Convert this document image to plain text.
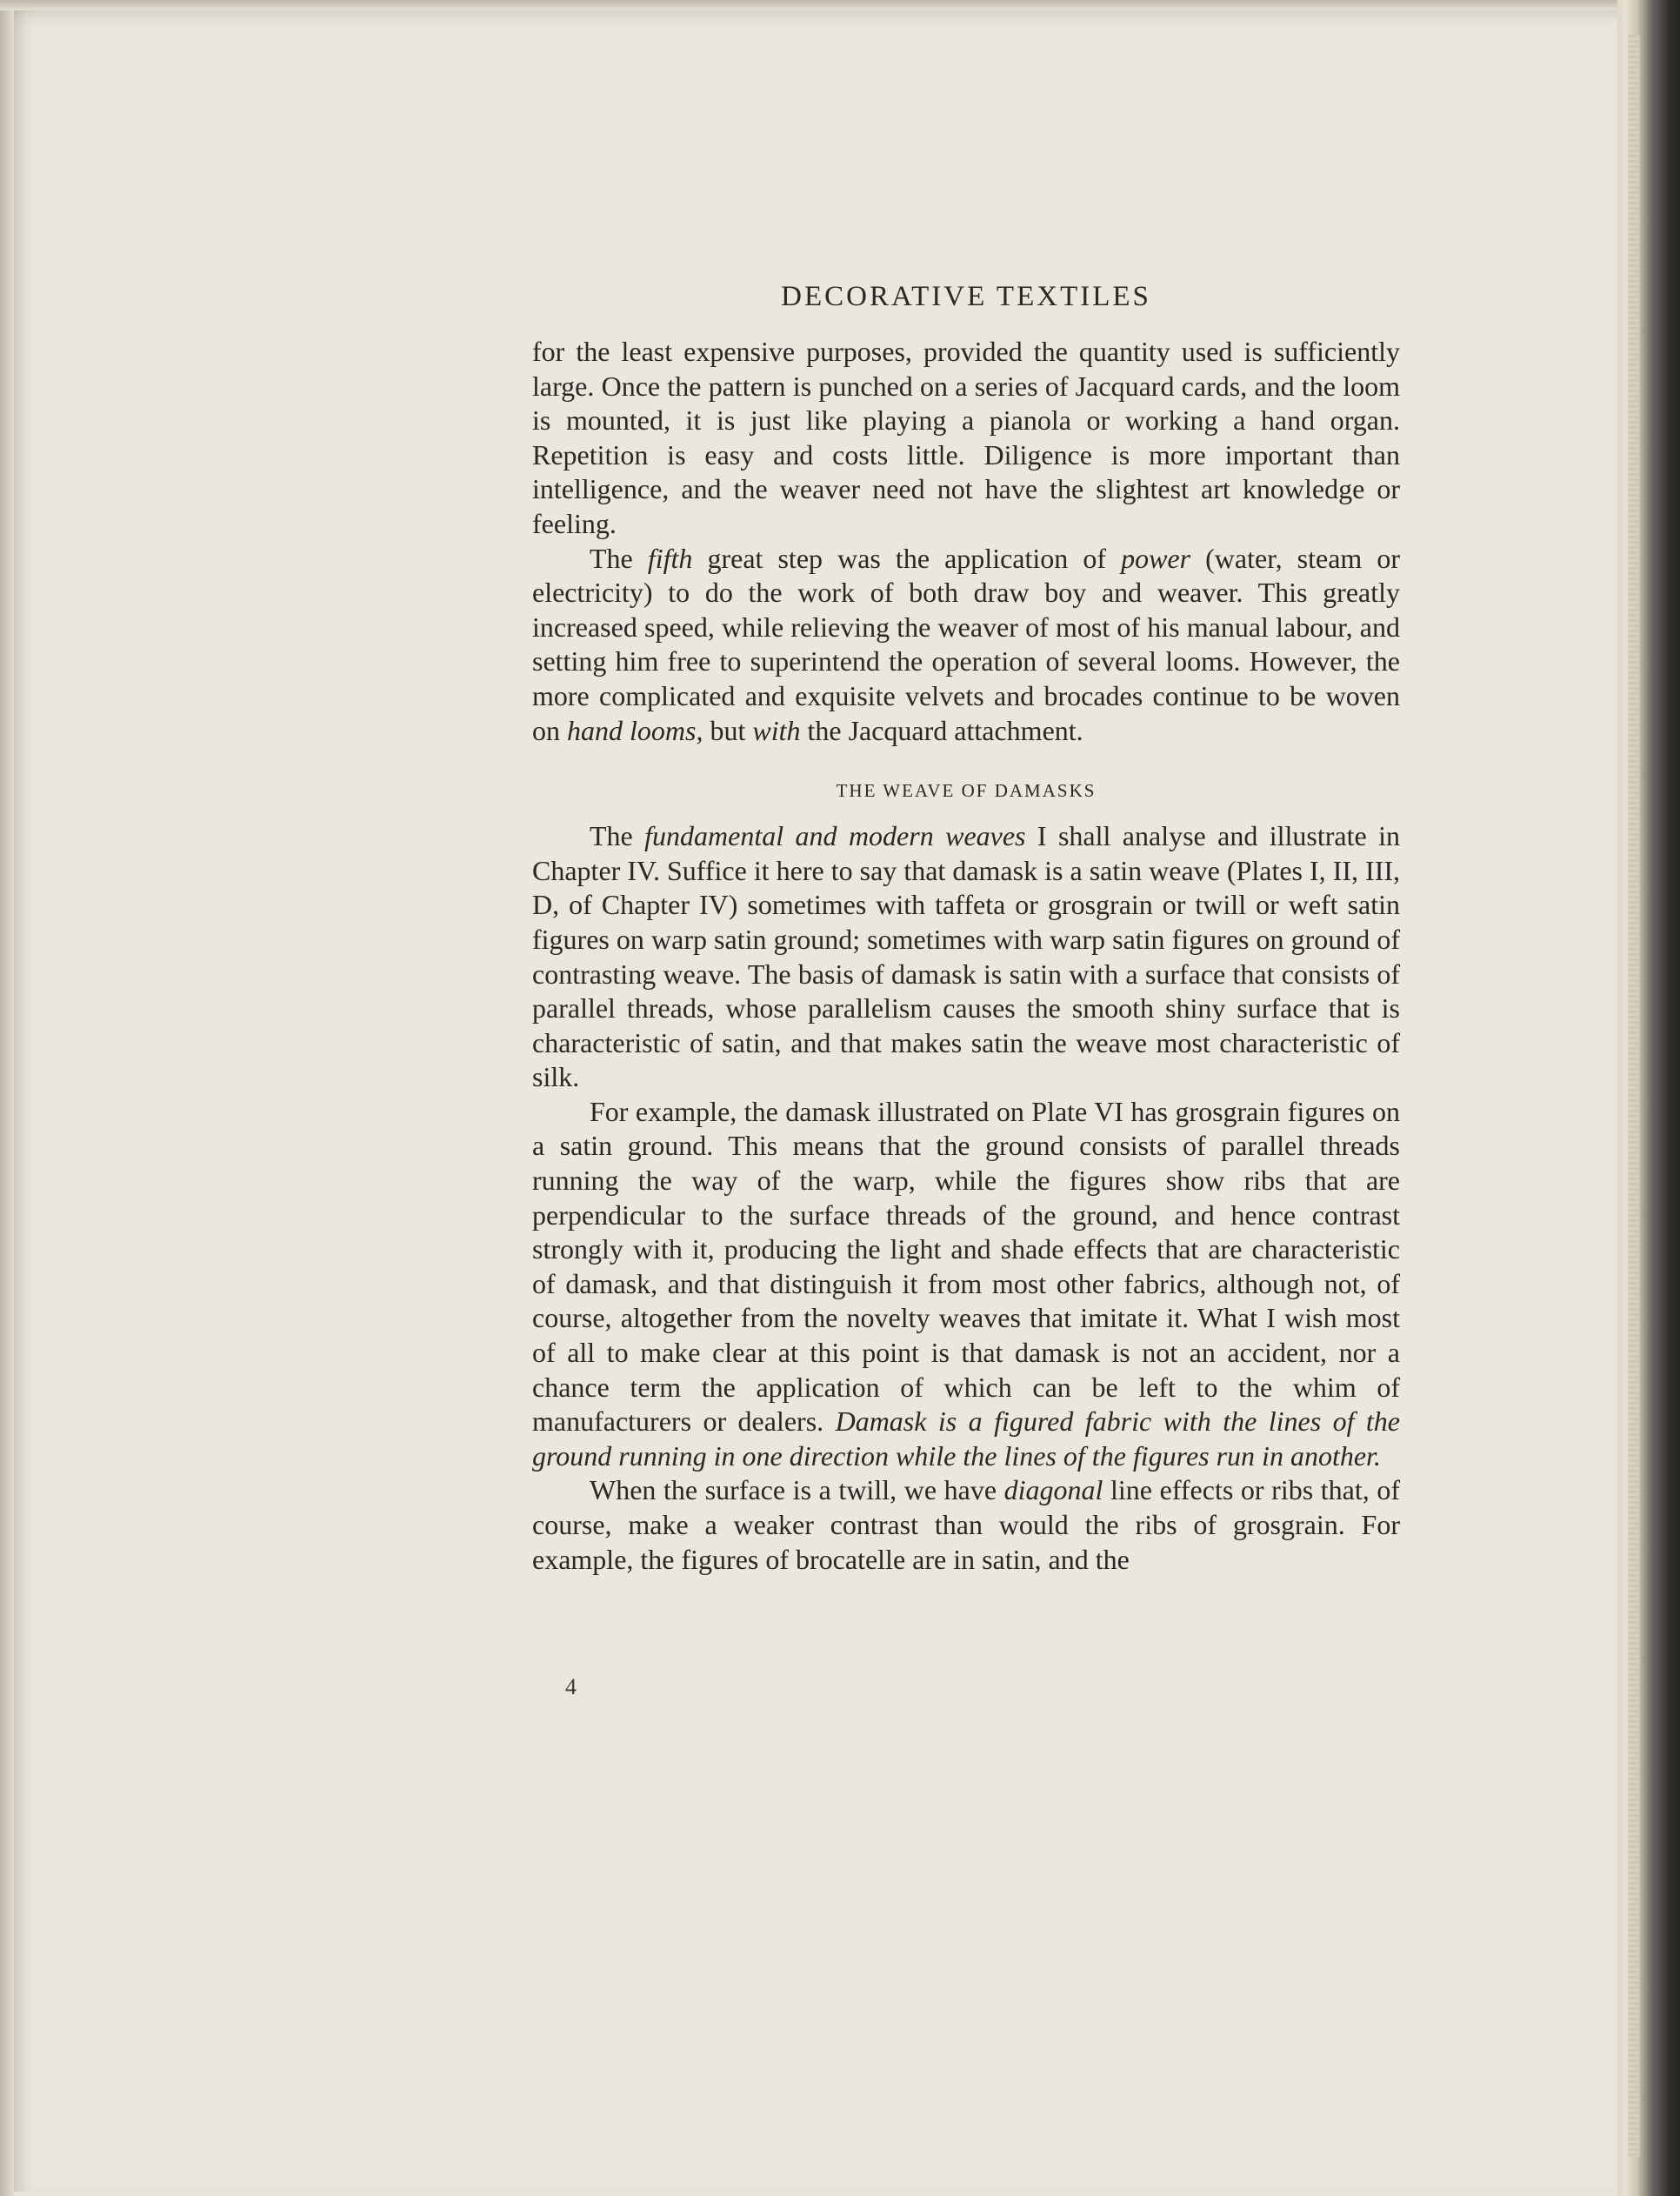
DECORATIVE TEXTILES

for the least expensive purposes, provided the quantity used is sufficiently large. Once the pattern is punched on a series of Jacquard cards, and the loom is mounted, it is just like playing a pianola or working a hand organ. Repetition is easy and costs little. Diligence is more important than intelligence, and the weaver need not have the slightest art knowledge or feeling.

The fifth great step was the application of power (water, steam or electricity) to do the work of both draw boy and weaver. This greatly increased speed, while relieving the weaver of most of his manual labour, and setting him free to superintend the operation of several looms. However, the more complicated and exquisite velvets and brocades continue to be woven on hand looms, but with the Jacquard attachment.

THE WEAVE OF DAMASKS

The fundamental and modern weaves I shall analyse and illustrate in Chapter IV. Suffice it here to say that damask is a satin weave (Plates I, II, III, D, of Chapter IV) sometimes with taffeta or grosgrain or twill or weft satin figures on warp satin ground; sometimes with warp satin figures on ground of contrasting weave. The basis of damask is satin with a surface that consists of parallel threads, whose parallelism causes the smooth shiny surface that is characteristic of satin, and that makes satin the weave most characteristic of silk.

For example, the damask illustrated on Plate VI has grosgrain figures on a satin ground. This means that the ground consists of parallel threads running the way of the warp, while the figures show ribs that are perpendicular to the surface threads of the ground, and hence contrast strongly with it, producing the light and shade effects that are characteristic of damask, and that distinguish it from most other fabrics, although not, of course, altogether from the novelty weaves that imitate it. What I wish most of all to make clear at this point is that damask is not an accident, nor a chance term the application of which can be left to the whim of manufacturers or dealers. Damask is a figured fabric with the lines of the ground running in one direction while the lines of the figures run in another.

When the surface is a twill, we have diagonal line effects or ribs that, of course, make a weaker contrast than would the ribs of grosgrain. For example, the figures of brocatelle are in satin, and the

4
